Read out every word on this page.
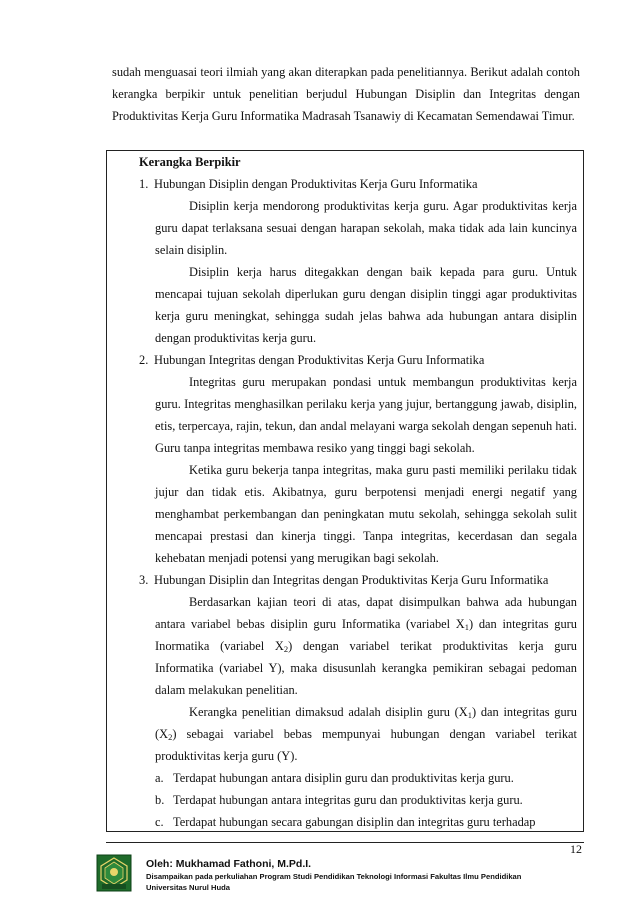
sudah menguasai teori ilmiah yang akan diterapkan pada penelitiannya. Berikut adalah contoh kerangka berpikir untuk penelitian berjudul Hubungan Disiplin dan Integritas dengan Produktivitas Kerja Guru Informatika Madrasah Tsanawiy di Kecamatan Semendawai Timur.

Kerangka Berpikir
1. Hubungan Disiplin dengan Produktivitas Kerja Guru Informatika
Disiplin kerja mendorong produktivitas kerja guru. Agar produktivitas kerja guru dapat terlaksana sesuai dengan harapan sekolah, maka tidak ada lain kuncinya selain disiplin.
Disiplin kerja harus ditegakkan dengan baik kepada para guru. Untuk mencapai tujuan sekolah diperlukan guru dengan disiplin tinggi agar produktivitas kerja guru meningkat, sehingga sudah jelas bahwa ada hubungan antara disiplin dengan produktivitas kerja guru.
2. Hubungan Integritas dengan Produktivitas Kerja Guru Informatika
Integritas guru merupakan pondasi untuk membangun produktivitas kerja guru. Integritas menghasilkan perilaku kerja yang jujur, bertanggung jawab, disiplin, etis, terpercaya, rajin, tekun, dan andal melayani warga sekolah dengan sepenuh hati. Guru tanpa integritas membawa resiko yang tinggi bagi sekolah.
Ketika guru bekerja tanpa integritas, maka guru pasti memiliki perilaku tidak jujur dan tidak etis. Akibatnya, guru berpotensi menjadi energi negatif yang menghambat perkembangan dan peningkatan mutu sekolah, sehingga sekolah sulit mencapai prestasi dan kinerja tinggi. Tanpa integritas, kecerdasan dan segala kehebatan menjadi potensi yang merugikan bagi sekolah.
3. Hubungan Disiplin dan Integritas dengan Produktivitas Kerja Guru Informatika
Berdasarkan kajian teori di atas, dapat disimpulkan bahwa ada hubungan antara variabel bebas disiplin guru Informatika (variabel $X_1$) dan integritas guru Inormatika (variabel $X_2$) dengan variabel terikat produktivitas kerja guru Informatika (variabel Y), maka disusunlah kerangka pemikiran sebagai pedoman dalam melakukan penelitian.
Kerangka penelitian dimaksud adalah disiplin guru $(X_1)$ dan integritas guru $(X_2)$ sebagai variabel bebas mempunyai hubungan dengan variabel terikat produktivitas kerja guru (Y).
a. Terdapat hubungan antara disiplin guru dan produktivitas kerja guru.
b. Terdapat hubungan antara integritas guru dan produktivitas kerja guru.
c. Terdapat hubungan secara gabungan disiplin dan integritas guru terhadap
12
Oleh: Mukhamad Fathoni, M.Pd.I.
Disampaikan pada perkuliahan Program Studi Pendidikan Teknologi Informasi Fakultas Ilmu Pendidikan
Universitas Nurul Huda
